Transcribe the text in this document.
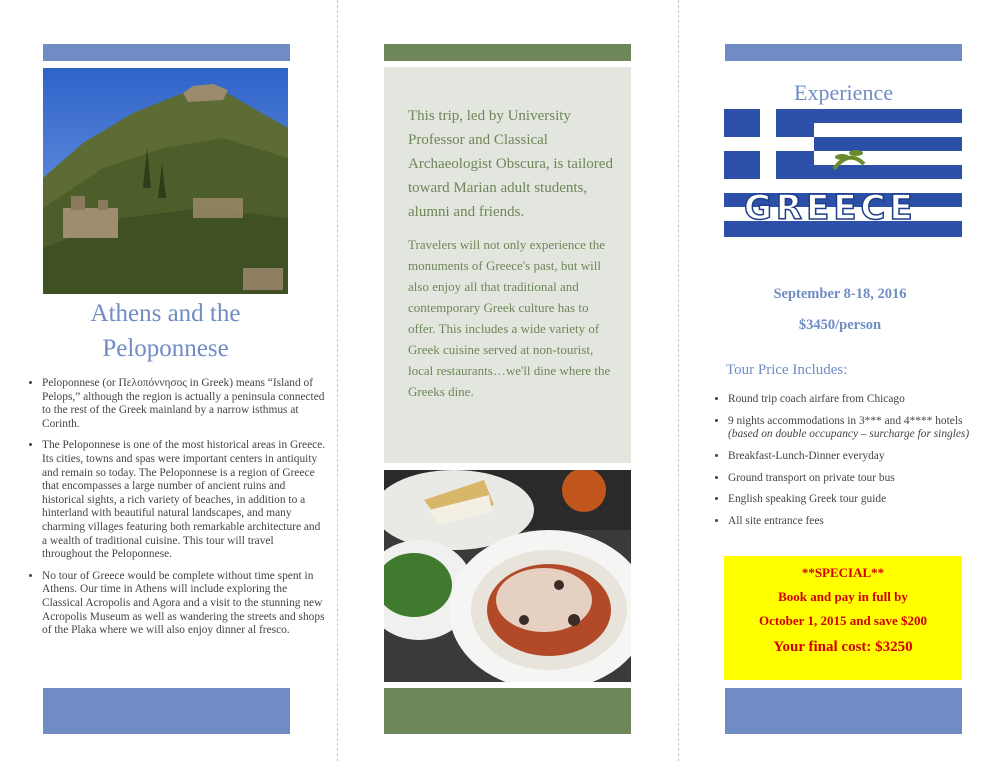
Athens and the
Peloponnese
• Peloponnese (or Πελοπόννησος in Greek) means “Island of Pelops,” although the region is actually a peninsula connected to the rest of the Greek mainland by a narrow isthmus at Corinth.
• The Peloponnese is one of the most historical areas in Greece. Its cities, towns and spas were important centers in antiquity and remain so today. The Peloponnese is a region of Greece that encompasses a large number of ancient ruins and historical sights, a rich variety of beaches, in addition to a hinterland with beautiful natural landscapes, and many charming villages featuring both remarkable architecture and a wealth of traditional cuisine. This tour will travel throughout the Peloponnese.
• No tour of Greece would be complete without time spent in Athens. Our time in Athens will include exploring the Classical Acropolis and Agora and a visit to the stunning new Acropolis Museum as well as wandering the streets and shops of the Plaka where we will also enjoy dinner al fresco.

This trip, led by University Professor and Classical Archaeologist Obscura, is tailored toward Marian adult students, alumni and friends.

Travelers will not only experience the monuments of Greece's past, but will also enjoy all that traditional and contemporary Greek culture has to offer. This includes a wide variety of Greek cuisine served at non-tourist, local restaurants…we'll dine where the Greeks dine.

Experience
ΕΛΛΑΣ
GREECE
September 8-18, 2016
$3450/person
Tour Price Includes:
• Round trip coach airfare from Chicago
• 9 nights accommodations in 3*** and 4**** hotels (based on double occupancy – surcharge for singles)
• Breakfast-Lunch-Dinner everyday
• Ground transport on private tour bus
• English speaking Greek tour guide
• All site entrance fees
**SPECIAL**
Book and pay in full by
October 1, 2015 and save $200
Your final cost: $3250
